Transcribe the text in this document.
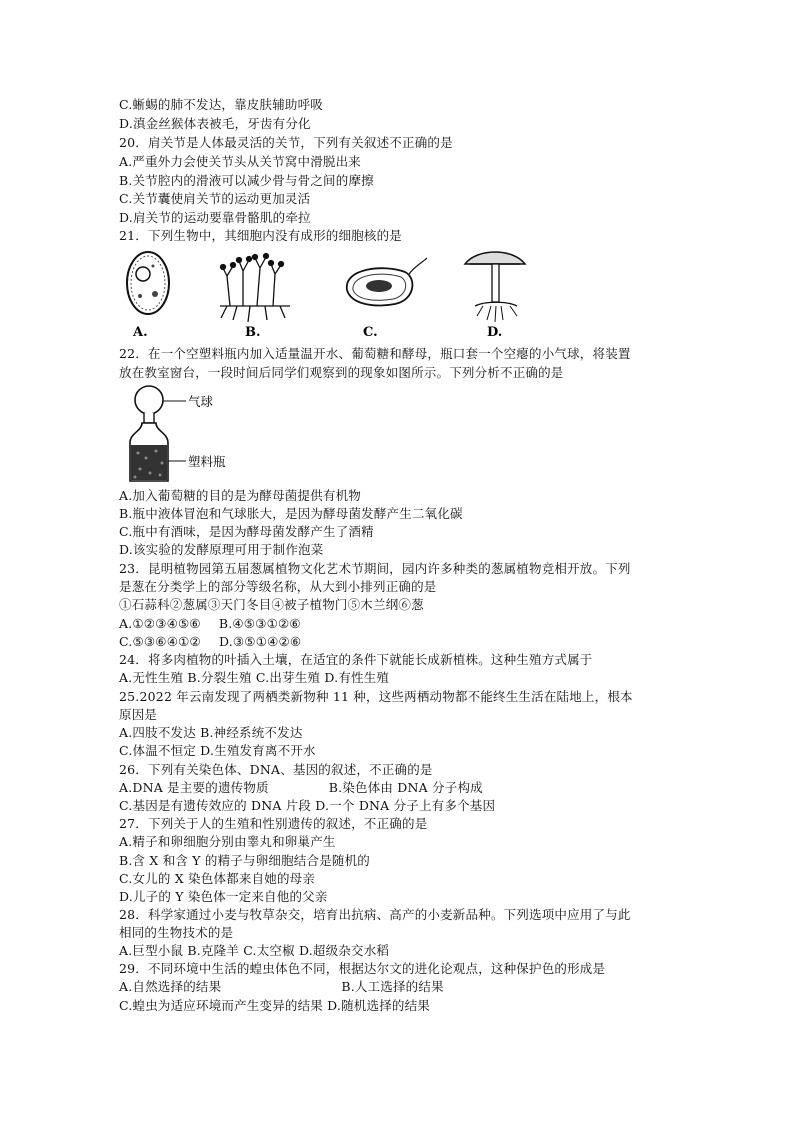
C.蜥蜴的肺不发达，靠皮肤辅助呼吸
D.滇金丝猴体表被毛，牙齿有分化
20．肩关节是人体最灵活的关节，下列有关叙述不正确的是
A.严重外力会使关节头从关节窝中滑脱出来
B.关节腔内的滑液可以减少骨与骨之间的摩擦
C.关节囊使肩关节的运动更加灵活
D.肩关节的运动要靠骨骼肌的牵拉
21．下列生物中，其细胞内没有成形的细胞核的是
A.	B.	C.	D.
22．在一个空塑料瓶内加入适量温开水、葡萄糖和酵母，瓶口套一个空瘪的小气球，将装置
放在教室窗台，一段时间后同学们观察到的现象如图所示。下列分析不正确的是
气球
塑料瓶
A.加入葡萄糖的目的是为酵母菌提供有机物
B.瓶中液体冒泡和气球胀大，是因为酵母菌发酵产生二氧化碳
C.瓶中有酒味，是因为酵母菌发酵产生了酒精
D.该实验的发酵原理可用于制作泡菜
23．昆明植物园第五届葱属植物文化艺术节期间，园内许多种类的葱属植物竞相开放。下列
是葱在分类学上的部分等级名称，从大到小排列正确的是
①石蒜科②葱属③天门冬目④被子植物门⑤木兰纲⑥葱
A.①②③④⑤⑥ B.④⑤③①②⑥
C.⑤③⑥④①② D.③⑤①④②⑥
24．将多肉植物的叶插入土壤，在适宜的条件下就能长成新植株。这种生殖方式属于
A.无性生殖 B.分裂生殖 C.出芽生殖 D.有性生殖
25.2022 年云南发现了两栖类新物种 11 种，这些两栖动物都不能终生生活在陆地上，根本
原因是
A.四肢不发达 B.神经系统不发达
C.体温不恒定 D.生殖发育离不开水
26．下列有关染色体、DNA、基因的叙述，不正确的是
A.DNA 是主要的遗传物质	B.染色体由 DNA 分子构成
C.基因是有遗传效应的 DNA 片段 D.一个 DNA 分子上有多个基因
27．下列关于人的生殖和性别遗传的叙述，不正确的是
A.精子和卵细胞分别由睾丸和卵巢产生
B.含 X 和含 Y 的精子与卵细胞结合是随机的
C.女儿的 X 染色体都来自她的母亲
D.儿子的 Y 染色体一定来自他的父亲
28．科学家通过小麦与牧草杂交，培育出抗病、高产的小麦新品种。下列选项中应用了与此
相同的生物技术的是
A.巨型小鼠 B.克隆羊 C.太空椒 D.超级杂交水稻
29．不同环境中生活的蝗虫体色不同，根据达尔文的进化论观点，这种保护色的形成是
A.自然选择的结果	B.人工选择的结果
C.蝗虫为适应环境而产生变异的结果 D.随机选择的结果
